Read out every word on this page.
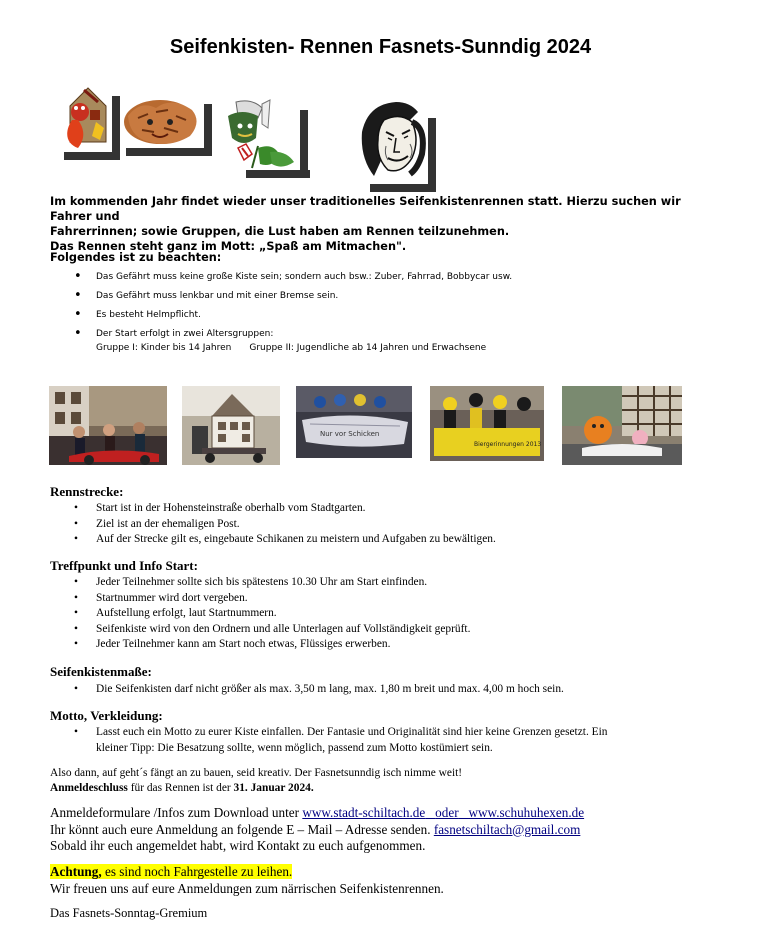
Seifenkisten- Rennen Fasnets-Sunndig 2024
Im kommenden Jahr findet wieder unser traditionelles Seifenkistenrennen statt. Hierzu suchen wir Fahrer und
Fahrerrinnen; sowie Gruppen, die Lust haben am Rennen teilzunehmen.
Das Rennen steht ganz im Mott: „Spaß am Mitmachen".
Folgendes ist zu beachten:
• Das Gefährt muss keine große Kiste sein; sondern auch bsw.: Zuber, Fahrrad, Bobbycar usw.
• Das Gefährt muss lenkbar und mit einer Bremse sein.
• Es besteht Helmpflicht.
• Der Start erfolgt in zwei Altersgruppen:
Gruppe I: Kinder bis 14 Jahren Gruppe II: Jugendliche ab 14 Jahren und Erwachsene
Nur vor Schicken
Biergerinnungen 2013
Rennstrecke:
• Start ist in der Hohensteinstraße oberhalb vom Stadtgarten.
• Ziel ist an der ehemaligen Post.
• Auf der Strecke gilt es, eingebaute Schikanen zu meistern und Aufgaben zu bewältigen.
Treffpunkt und Info Start:
• Jeder Teilnehmer sollte sich bis spätestens 10.30 Uhr am Start einfinden.
• Startnummer wird dort vergeben.
• Aufstellung erfolgt, laut Startnummern.
• Seifenkiste wird von den Ordnern und alle Unterlagen auf Vollständigkeit geprüft.
• Jeder Teilnehmer kann am Start noch etwas, Flüssiges erwerben.
Seifenkistenmaße:
• Die Seifenkisten darf nicht größer als max. 3,50 m lang, max. 1,80 m breit und max. 4,00 m hoch sein.
Motto, Verkleidung:
• Lasst euch ein Motto zu eurer Kiste einfallen. Der Fantasie und Originalität sind hier keine Grenzen gesetzt. Ein
kleiner Tipp: Die Besatzung sollte, wenn möglich, passend zum Motto kostümiert sein.
Also dann, auf geht´s fängt an zu bauen, seid kreativ. Der Fasnetsunndig isch nimme weit!
Anmeldeschluss für das Rennen ist der 31. Januar 2024.
Anmeldeformulare /Infos zum Download unter www.stadt-schiltach.de oder www.schuhuhexen.de
Ihr könnt auch eure Anmeldung an folgende E – Mail – Adresse senden. fasnetschiltach@gmail.com
Sobald ihr euch angemeldet habt, wird Kontakt zu euch aufgenommen.
Achtung, es sind noch Fahrgestelle zu leihen.
Wir freuen uns auf eure Anmeldungen zum närrischen Seifenkistenrennen.
Das Fasnets-Sonntag-Gremium
